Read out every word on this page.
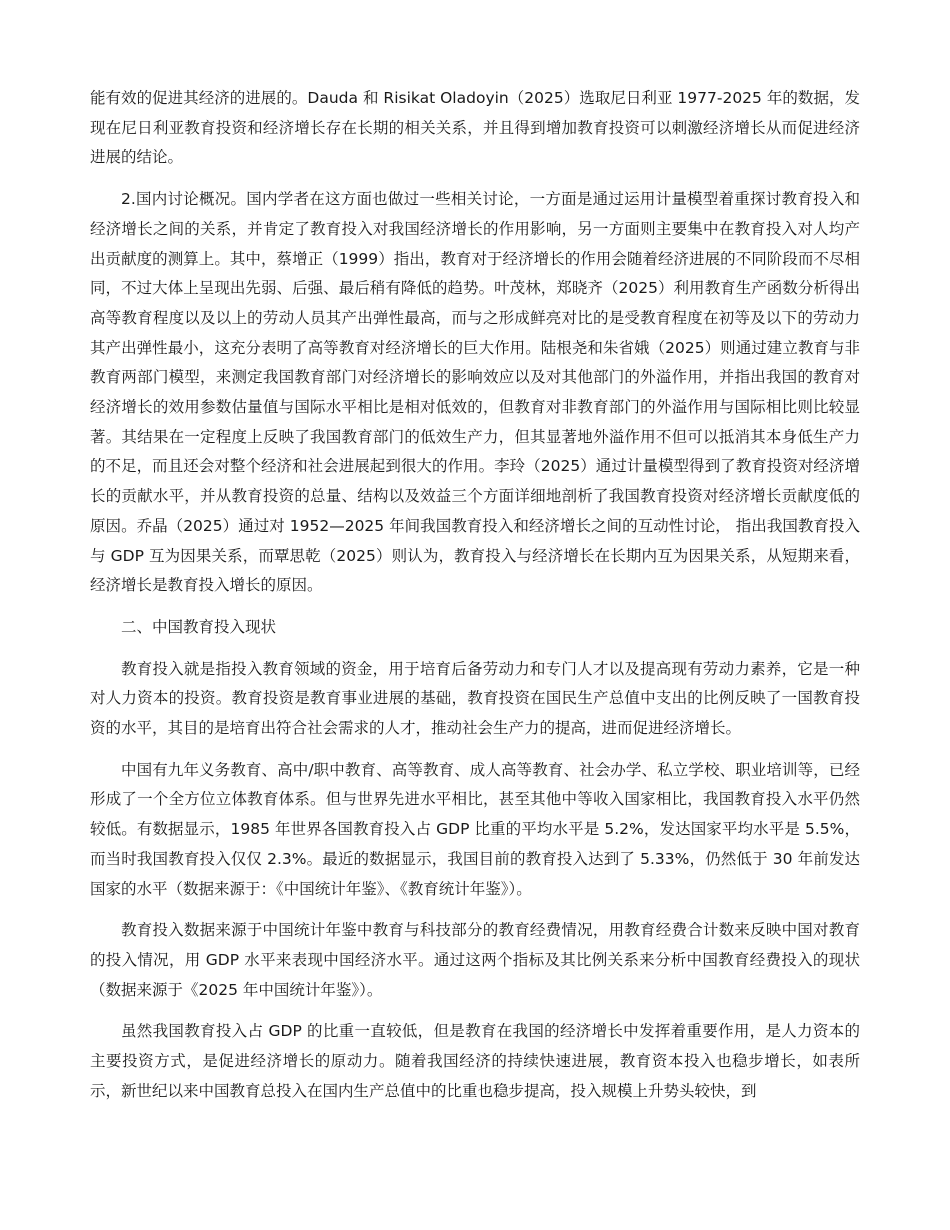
能有效的促进其经济的进展的。Dauda 和 Risikat Oladoyin（2025）选取尼日利亚 1977-2025 年的数据，发现在尼日利亚教育投资和经济增长存在长期的相关关系，并且得到增加教育投资可以刺激经济增长从而促进经济进展的结论。

2.国内讨论概况。国内学者在这方面也做过一些相关讨论，一方面是通过运用计量模型着重探讨教育投入和经济增长之间的关系，并肯定了教育投入对我国经济增长的作用影响，另一方面则主要集中在教育投入对人均产出贡献度的测算上。其中，蔡增正（1999）指出，教育对于经济增长的作用会随着经济进展的不同阶段而不尽相同，不过大体上呈现出先弱、后强、最后稍有降低的趋势。叶茂林，郑晓齐（2025）利用教育生产函数分析得出高等教育程度以及以上的劳动人员其产出弹性最高，而与之形成鲜亮对比的是受教育程度在初等及以下的劳动力其产出弹性最小，这充分表明了高等教育对经济增长的巨大作用。陆根尧和朱省娥（2025）则通过建立教育与非教育两部门模型，来测定我国教育部门对经济增长的影响效应以及对其他部门的外溢作用，并指出我国的教育对经济增长的效用参数估量值与国际水平相比是相对低效的，但教育对非教育部门的外溢作用与国际相比则比较显著。其结果在一定程度上反映了我国教育部门的低效生产力，但其显著地外溢作用不但可以抵消其本身低生产力的不足，而且还会对整个经济和社会进展起到很大的作用。李玲（2025）通过计量模型得到了教育投资对经济增长的贡献水平，并从教育投资的总量、结构以及效益三个方面详细地剖析了我国教育投资对经济增长贡献度低的原因。乔晶（2025）通过对 1952—2025 年间我国教育投入和经济增长之间的互动性讨论， 指出我国教育投入与 GDP 互为因果关系，而覃思乾（2025）则认为，教育投入与经济增长在长期内互为因果关系，从短期来看，经济增长是教育投入增长的原因。

二、中国教育投入现状

教育投入就是指投入教育领域的资金，用于培育后备劳动力和专门人才以及提高现有劳动力素养，它是一种对人力资本的投资。教育投资是教育事业进展的基础，教育投资在国民生产总值中支出的比例反映了一国教育投资的水平，其目的是培育出符合社会需求的人才，推动社会生产力的提高，进而促进经济增长。

中国有九年义务教育、高中/职中教育、高等教育、成人高等教育、社会办学、私立学校、职业培训等，已经形成了一个全方位立体教育体系。但与世界先进水平相比，甚至其他中等收入国家相比，我国教育投入水平仍然较低。有数据显示，1985 年世界各国教育投入占 GDP 比重的平均水平是 5.2%，发达国家平均水平是 5.5%，而当时我国教育投入仅仅 2.3%。最近的数据显示，我国目前的教育投入达到了 5.33%，仍然低于 30 年前发达国家的水平（数据来源于：《中国统计年鉴》、《教育统计年鉴》）。

教育投入数据来源于中国统计年鉴中教育与科技部分的教育经费情况，用教育经费合计数来反映中国对教育的投入情况，用 GDP 水平来表现中国经济水平。通过这两个指标及其比例关系来分析中国教育经费投入的现状（数据来源于《2025 年中国统计年鉴》）。

虽然我国教育投入占 GDP 的比重一直较低，但是教育在我国的经济增长中发挥着重要作用，是人力资本的主要投资方式，是促进经济增长的原动力。随着我国经济的持续快速进展，教育资本投入也稳步增长，如表所示，新世纪以来中国教育总投入在国内生产总值中的比重也稳步提高，投入规模上升势头较快，到
